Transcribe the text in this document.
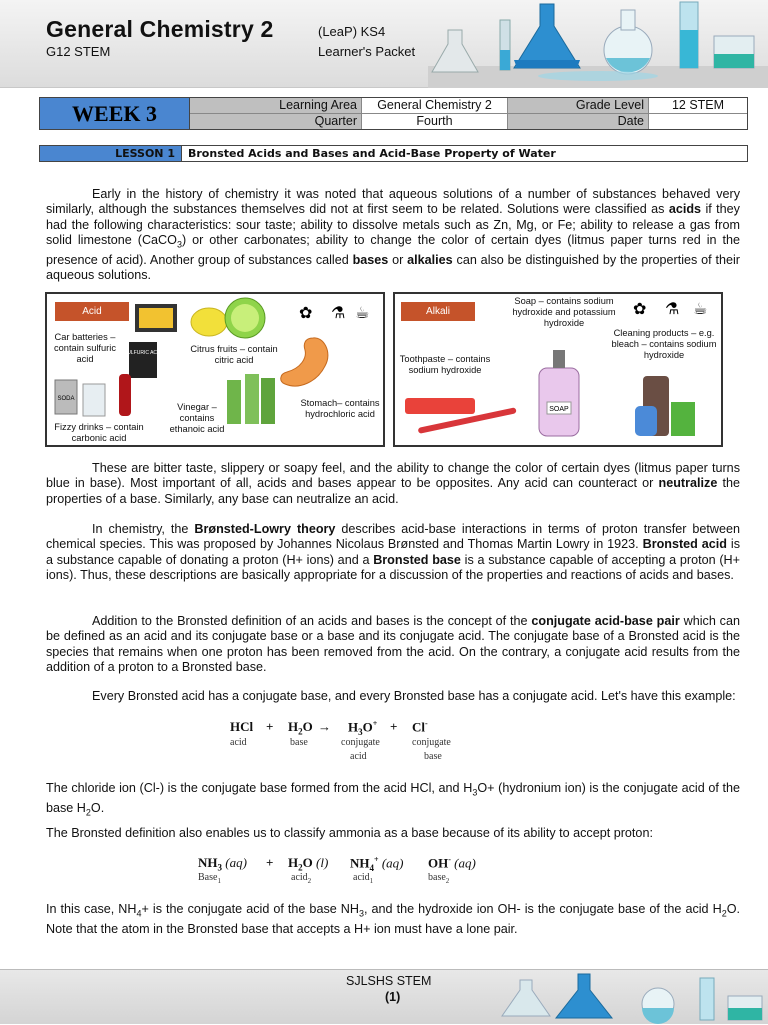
General Chemistry 2
G12 STEM
(LeaP) KS4
Learner's Packet
WEEK 3	Learning Area	General Chemistry 2	Grade Level	12 STEM
Quarter	Fourth	Date
LESSON 1	Bronsted Acids and Bases and Acid-Base Property of Water

Early in the history of chemistry it was noted that aqueous solutions of a number of substances behaved very similarly, although the substances themselves did not at first seem to be related. Solutions were classified as acids if they had the following characteristics: sour taste; ability to dissolve metals such as Zn, Mg, or Fe; ability to release a gas from solid limestone (CaCO$_3$) or other carbonates; ability to change the color of certain dyes (litmus paper turns red in the presence of acid). Another group of substances called bases or alkalies can also be distinguished by the properties of their aqueous solutions.

Acid
SULFURIC ACID
SODA
✿ ⚗ ☕
Car batteries – contain sulfuric acid
Citrus fruits – contain citric acid
Fizzy drinks – contain carbonic acid
Vinegar – contains ethanoic acid
Stomach– contains hydrochloric acid
Alkali
SOAP
✿ ⚗ ☕
Soap – contains sodium hydroxide and potassium hydroxide
Toothpaste – contains sodium hydroxide
Cleaning products – e.g. bleach – contains sodium hydroxide

These are bitter taste, slippery or soapy feel, and the ability to change the color of certain dyes (litmus paper turns blue in base). Most important of all, acids and bases appear to be opposites. Any acid can counteract or neutralize the properties of a base. Similarly, any base can neutralize an acid.

In chemistry, the Brønsted-Lowry theory describes acid-base interactions in terms of proton transfer between chemical species. This was proposed by Johannes Nicolaus Brønsted and Thomas Martin Lowry in 1923. Bronsted acid is a substance capable of donating a proton (H+ ions) and a Bronsted base is a substance capable of accepting a proton (H+ ions). Thus, these descriptions are basically appropriate for a discussion of the properties and reactions of acids and bases.

Addition to the Bronsted definition of an acids and bases is the concept of the conjugate acid-base pair which can be defined as an acid and its conjugate base or a base and its conjugate acid. The conjugate base of a Bronsted acid is the species that remains when one proton has been removed from the acid. On the contrary, a conjugate acid results from the addition of a proton to a Bronsted base.

Every Bronsted acid has a conjugate base, and every Bronsted base has a conjugate acid. Let's have this example:

HCl + $H_2O \to H_3O^+ + Cl^-$
acid	base	conjugate
acid
conjugate
base

The chloride ion (Cl-) is the conjugate base formed from the acid HCl, and $H_3O+$ (hydronium ion) is the conjugate acid of the base $H_2O$.

The Bronsted definition also enables us to classify ammonia as a base because of its ability to accept proton:

$NH_3$ $(aq) + H_2O$ (l) $NH_4^+$ (aq) OH- (aq)
Base$_1$	acid$_2$	acid$_1$	base$_2$

In this case, $NH_4+$ is the conjugate acid of the base $NH_3$, and the hydroxide ion OH- is the conjugate base of the acid $H_2O$. Note that the atom in the Bronsted base that accepts a H+ ion must have a lone pair.

SJLSHS STEM
(1)
